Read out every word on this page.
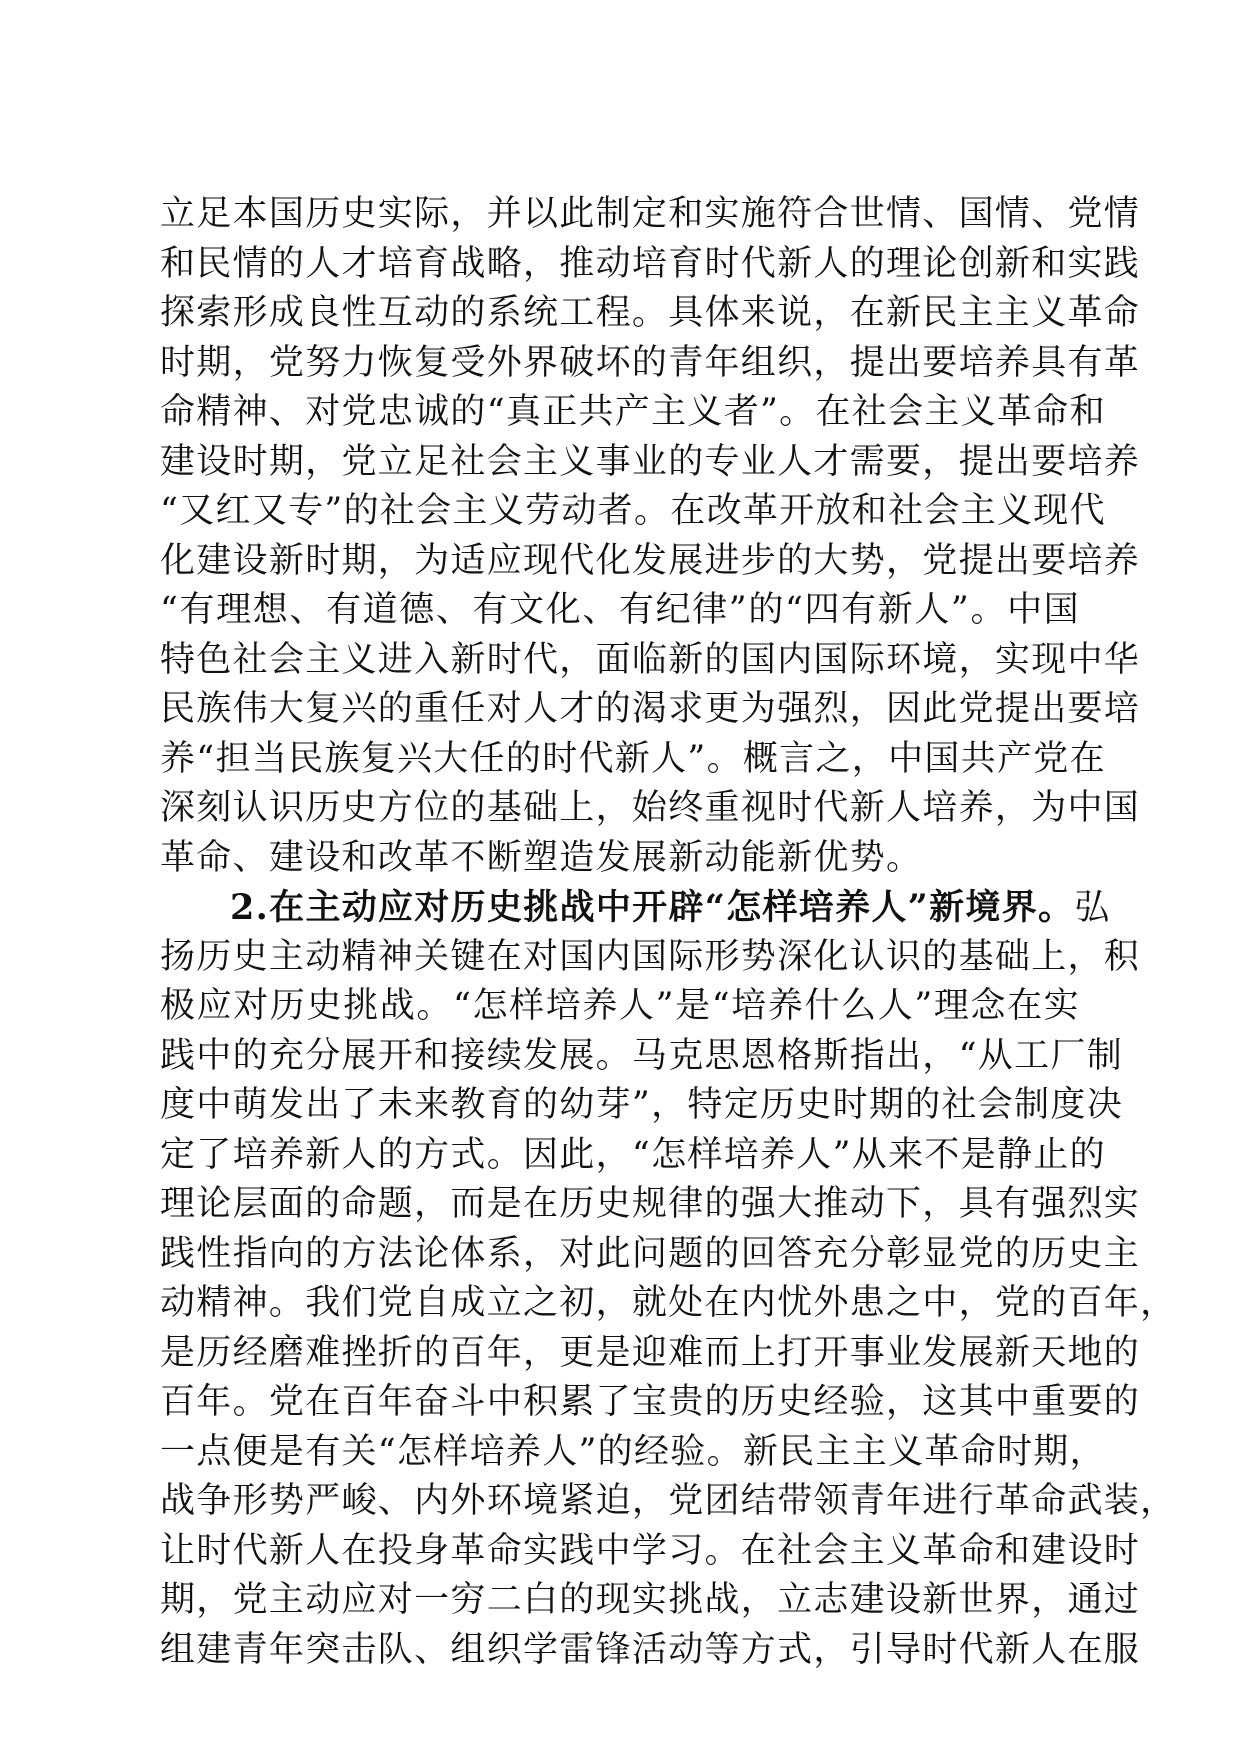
立足本国历史实际，并以此制定和实施符合世情、国情、党情
和民情的人才培育战略，推动培育时代新人的理论创新和实践
探索形成良性互动的系统工程。具体来说，在新民主主义革命
时期，党努力恢复受外界破坏的青年组织，提出要培养具有革
命精神、对党忠诚的“真正共产主义者”。在社会主义革命和
建设时期，党立足社会主义事业的专业人才需要，提出要培养
“又红又专”的社会主义劳动者。在改革开放和社会主义现代
化建设新时期，为适应现代化发展进步的大势，党提出要培养
“有理想、有道德、有文化、有纪律”的“四有新人”。中国
特色社会主义进入新时代，面临新的国内国际环境，实现中华
民族伟大复兴的重任对人才的渴求更为强烈，因此党提出要培
养“担当民族复兴大任的时代新人”。概言之，中国共产党在
深刻认识历史方位的基础上，始终重视时代新人培养，为中国
革命、建设和改革不断塑造发展新动能新优势。
2.在主动应对历史挑战中开辟“怎样培养人”新境界。弘
扬历史主动精神关键在对国内国际形势深化认识的基础上，积
极应对历史挑战。“怎样培养人”是“培养什么人”理念在实
践中的充分展开和接续发展。马克思恩格斯指出，“从工厂制
度中萌发出了未来教育的幼芽”，特定历史时期的社会制度决
定了培养新人的方式。因此，“怎样培养人”从来不是静止的
理论层面的命题，而是在历史规律的强大推动下，具有强烈实
践性指向的方法论体系，对此问题的回答充分彰显党的历史主
动精神。我们党自成立之初，就处在内忧外患之中，党的百年，
是历经磨难挫折的百年，更是迎难而上打开事业发展新天地的
百年。党在百年奋斗中积累了宝贵的历史经验，这其中重要的
一点便是有关“怎样培养人”的经验。新民主主义革命时期，
战争形势严峻、内外环境紧迫，党团结带领青年进行革命武装，
让时代新人在投身革命实践中学习。在社会主义革命和建设时
期，党主动应对一穷二白的现实挑战，立志建设新世界，通过
组建青年突击队、组织学雷锋活动等方式，引导时代新人在服
